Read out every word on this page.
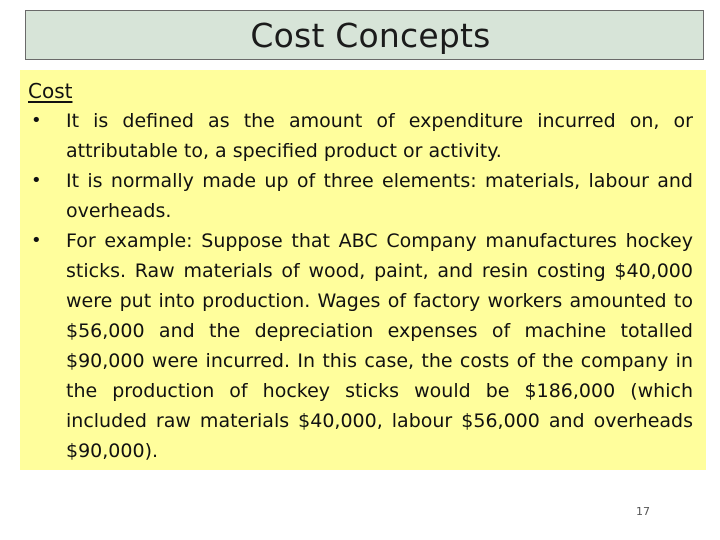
Cost Concepts
Cost
• It is defined as the amount of expenditure incurred on, or attributable to, a specified product or activity.
• It is normally made up of three elements: materials, labour and overheads.
• For example: Suppose that ABC Company manufactures hockey sticks. Raw materials of wood, paint, and resin costing $40,000 were put into production. Wages of factory workers amounted to $56,000 and the depreciation expenses of machine totalled $90,000 were incurred. In this case, the costs of the company in the production of hockey sticks would be $186,000 (which included raw materials $40,000, labour $56,000 and overheads $90,000).
17
